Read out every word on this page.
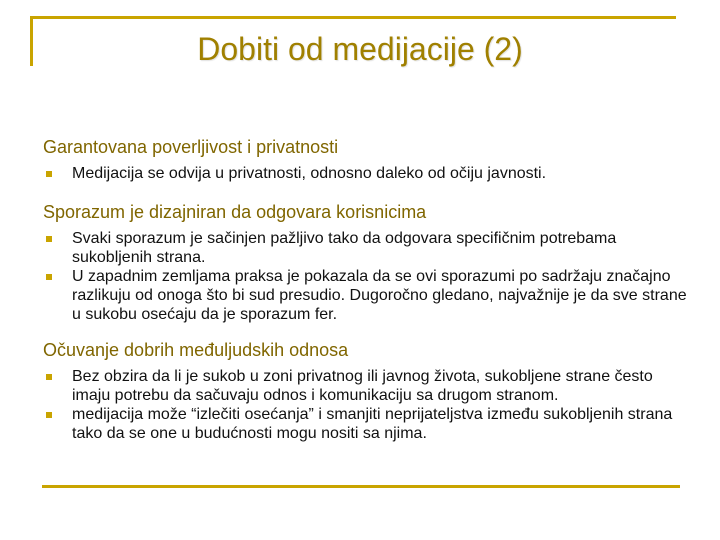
Dobiti od medijacije (2)
Garantovana poverljivost i privatnosti
Medijacija se odvija u privatnosti, odnosno daleko od očiju javnosti.
Sporazum je dizajniran da odgovara korisnicima
Svaki sporazum je sačinjen pažljivo tako da odgovara specifičnim potrebama sukobljenih strana.
U zapadnim zemljama praksa je pokazala da se ovi sporazumi po sadržaju značajno razlikuju od onoga što bi sud presudio. Dugoročno gledano, najvažnije je da sve strane u sukobu osećaju da je sporazum fer.
Očuvanje dobrih međuljudskih odnosa
Bez obzira da li je sukob u zoni privatnog ili javnog života, sukobljene strane često imaju potrebu da sačuvaju odnos i komunikaciju sa drugom stranom.
medijacija može “izlečiti osećanja” i smanjiti neprijateljstva između sukobljenih strana tako da se one u budućnosti mogu nositi sa njima.
